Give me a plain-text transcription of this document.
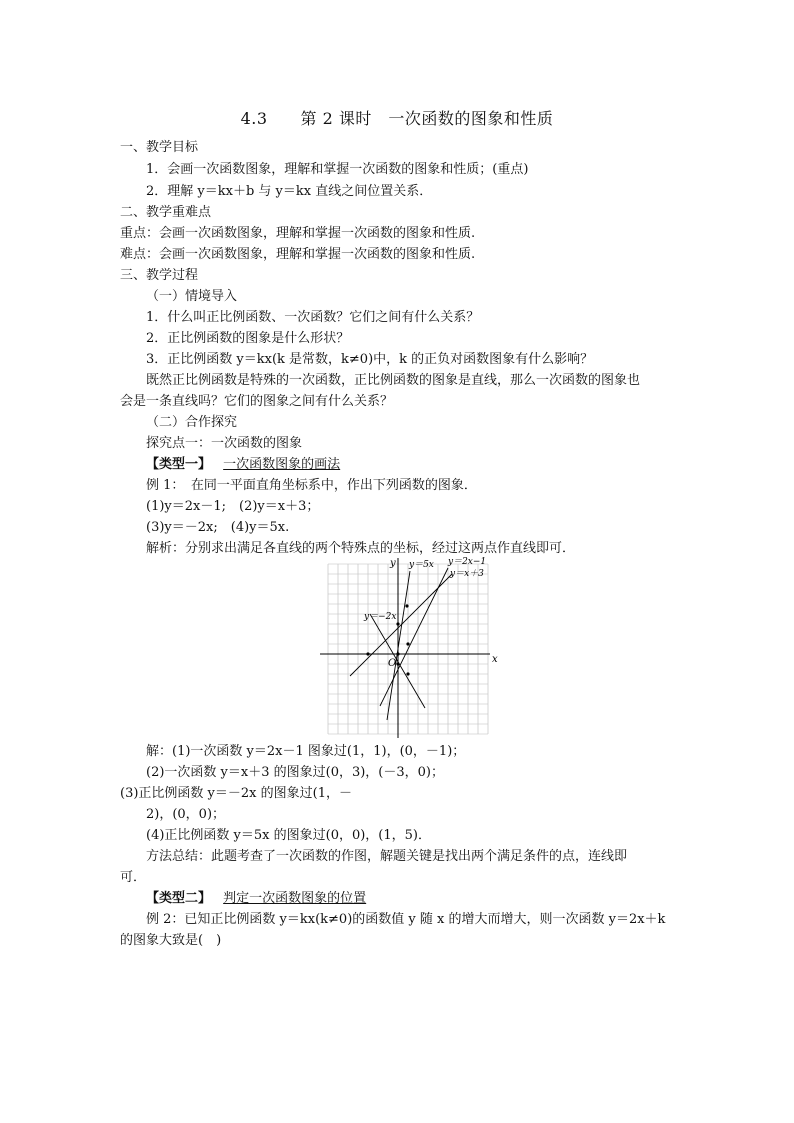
4.3　　第 2 课时　一次函数的图象和性质
一、教学目标
1．会画一次函数图象，理解和掌握一次函数的图象和性质；(重点)
2．理解 y＝kx＋b 与 y＝kx 直线之间位置关系．
二、教学重难点
重点：会画一次函数图象，理解和掌握一次函数的图象和性质.
难点：会画一次函数图象，理解和掌握一次函数的图象和性质.
三、教学过程
（一）情境导入
1．什么叫正比例函数、一次函数？它们之间有什么关系？
2．正比例函数的图象是什么形状？
3．正比例函数 y＝kx(k 是常数，k≠0)中，k 的正负对函数图象有什么影响？
既然正比例函数是特殊的一次函数，正比例函数的图象是直线，那么一次函数的图象也
会是一条直线吗？它们的图象之间有什么关系？
（二）合作探究
探究点一：一次函数的图象
【类型一】 一次函数图象的画法
例 1：　在同一平面直角坐标系中，作出下列函数的图象．
(1)y＝2x－1;　(2)y＝x＋3；
(3)y＝－2x;　(4)y＝5x.
解析：分别求出满足各直线的两个特殊点的坐标，经过这两点作直线即可．
x
y
O
y＝5x y＝2x−1
y＝x＋3
y＝−2x
解：(1)一次函数 y＝2x－1 图象过(1，1)，(0，－1)；
(2)一次函数 y＝x＋3 的图象过(0，3)，(－3，0)；
(3)正比例函数 y＝－2x 的图象过(1，－
2)，(0，0)；
(4)正比例函数 y＝5x 的图象过(0，0)，(1，5)．
方法总结：此题考查了一次函数的作图，解题关键是找出两个满足条件的点，连线即
可．
【类型二】 判定一次函数图象的位置
例 2：已知正比例函数 y＝kx(k≠0)的函数值 y 随 x 的增大而增大，则一次函数 y＝2x＋k
的图象大致是(　)
